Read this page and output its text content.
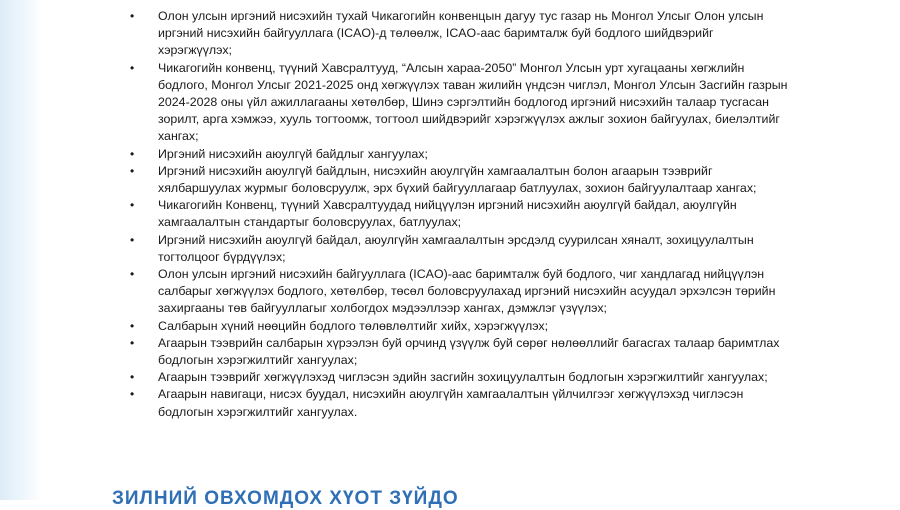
• Олон улсын иргэний нисэхийн тухай Чикагогийн конвенцын дагуу тус газар нь Монгол Улсыг Олон улсын иргэний нисэхийн байгууллага (ICAO)-д төлөөлж, ICAO-аас баримталж буй бодлого шийдвэрийг хэрэгжүүлэх;
• Чикагогийн конвенц, түүний Хавсралтууд, “Алсын хараа-2050” Монгол Улсын урт хугацааны хөгжлийн бодлого, Монгол Улсыг 2021-2025 онд хөгжүүлэх таван жилийн үндсэн чиглэл, Монгол Улсын Засгийн газрын 2024-2028 оны үйл ажиллагааны хөтөлбөр, Шинэ сэргэлтийн бодлогод иргэний нисэхийн талаар тусгасан зорилт, арга хэмжээ, хууль тогтоомж, тогтоол шийдвэрийг хэрэгжүүлэх ажлыг зохион байгуулах, биелэлтийг хангах;
• Иргэний нисэхийн аюулгүй байдлыг хангуулах;
• Иргэний нисэхийн аюулгүй байдлын, нисэхийн аюулгүйн хамгаалалтын болон агаарын тээврийг хялбаршуулах журмыг боловсруулж, эрх бүхий байгууллагаар батлуулах, зохион байгуулалтаар хангах;
• Чикагогийн Конвенц, түүний Хавсралтуудад нийцүүлэн иргэний нисэхийн аюулгүй байдал, аюулгүйн хамгаалалтын стандартыг боловсруулах, батлуулах;
• Иргэний нисэхийн аюулгүй байдал, аюулгүйн хамгаалалтын эрсдэлд суурилсан хяналт, зохицуулалтын тогтолцоог бүрдүүлэх;
• Олон улсын иргэний нисэхийн байгууллага (ICAO)-аас баримталж буй бодлого, чиг хандлагад нийцүүлэн салбарыг хөгжүүлэх бодлого, хөтөлбөр, төсөл боловсруулахад иргэний нисэхийн асуудал эрхэлсэн төрийн захиргааны төв байгууллагыг холбогдох мэдээллээр хангах, дэмжлэг үзүүлэх;
• Салбарын хүний нөөцийн бодлого төлөвлөлтийг хийх, хэрэгжүүлэх;
• Агаарын тээврийн салбарын хүрээлэн буй орчинд үзүүлж буй сөрөг нөлөөллийг багасгах талаар баримтлах бодлогын хэрэгжилтийг хангуулах;
• Агаарын тээврийг хөгжүүлэхэд чиглэсэн эдийн засгийн зохицуулалтын бодлогын хэрэгжилтийг хангуулах;
• Агаарын навигаци, нисэх буудал, нисэхийн аюулгүйн хамгаалалтын үйлчилгээг хөгжүүлэхэд чиглэсэн бодлогын хэрэгжилтийг хангуулах.
ЗИЛНИЙ ОВХОМДОХ ХҮОТ ЗҮЙДО
